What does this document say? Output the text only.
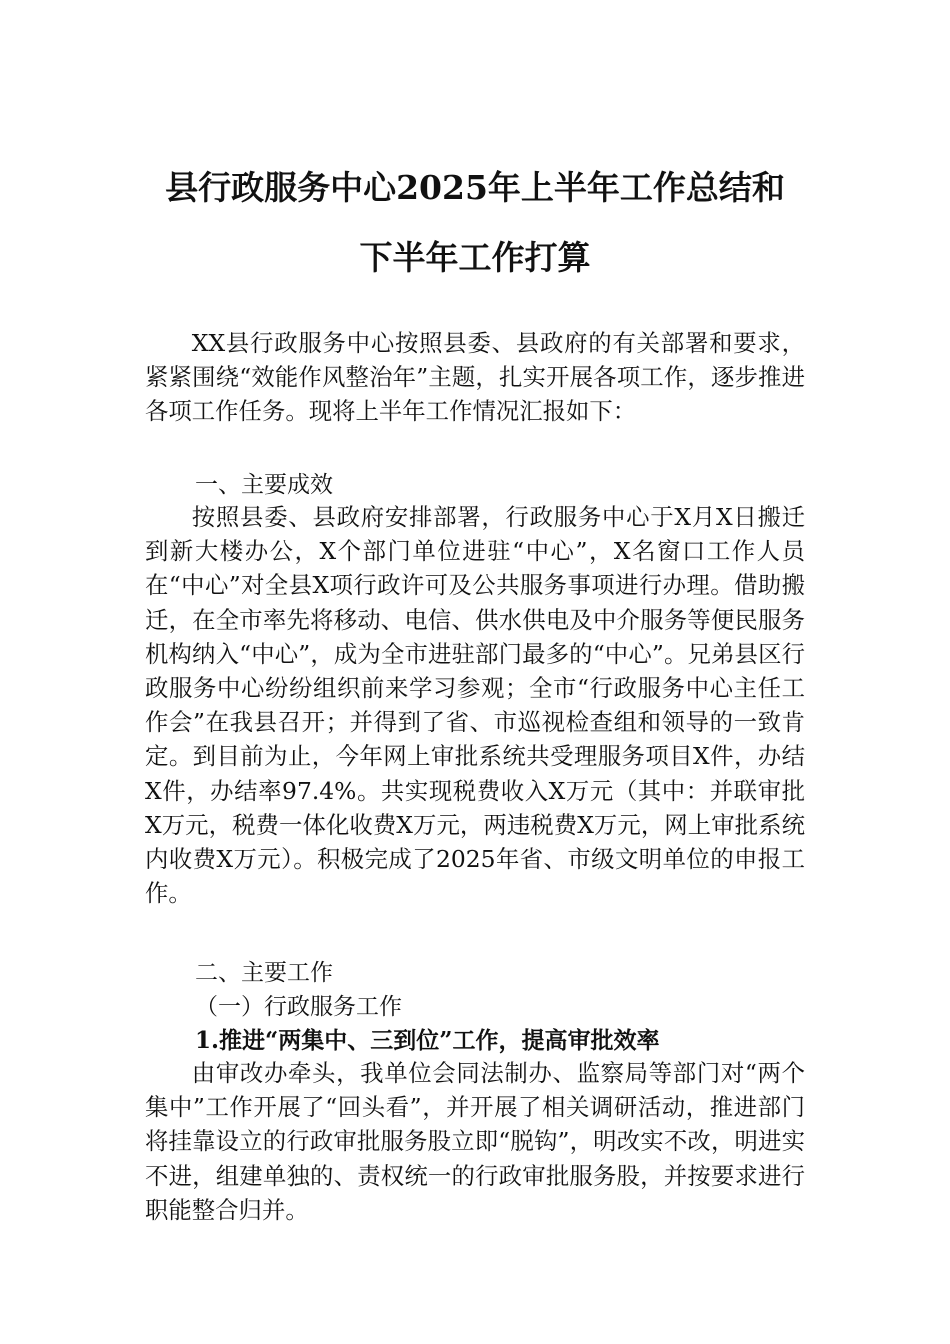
县行政服务中心2025年上半年工作总结和
下半年工作打算

XX县行政服务中心按照县委、县政府的有关部署和要求，紧紧围绕“效能作风整治年”主题，扎实开展各项工作，逐步推进各项工作任务。现将上半年工作情况汇报如下：

一、主要成效

按照县委、县政府安排部署，行政服务中心于X月X日搬迁到新大楼办公，X个部门单位进驻“中心”，X名窗口工作人员在“中心”对全县X项行政许可及公共服务事项进行办理。借助搬迁，在全市率先将移动、电信、供水供电及中介服务等便民服务机构纳入“中心”，成为全市进驻部门最多的“中心”。兄弟县区行政服务中心纷纷组织前来学习参观；全市“行政服务中心主任工作会”在我县召开；并得到了省、市巡视检查组和领导的一致肯定。到目前为止，今年网上审批系统共受理服务项目X件，办结X件，办结率97.4%。共实现税费收入X万元（其中：并联审批X万元，税费一体化收费X万元，两违税费X万元，网上审批系统内收费X万元）。积极完成了2025年省、市级文明单位的申报工作。

二、主要工作
（一）行政服务工作
1.推进“两集中、三到位”工作，提高审批效率

由审改办牵头，我单位会同法制办、监察局等部门对“两个集中”工作开展了“回头看”，并开展了相关调研活动，推进部门将挂靠设立的行政审批服务股立即“脱钩”，明改实不改，明进实不进，组建单独的、责权统一的行政审批服务股，并按要求进行职能整合归并。
